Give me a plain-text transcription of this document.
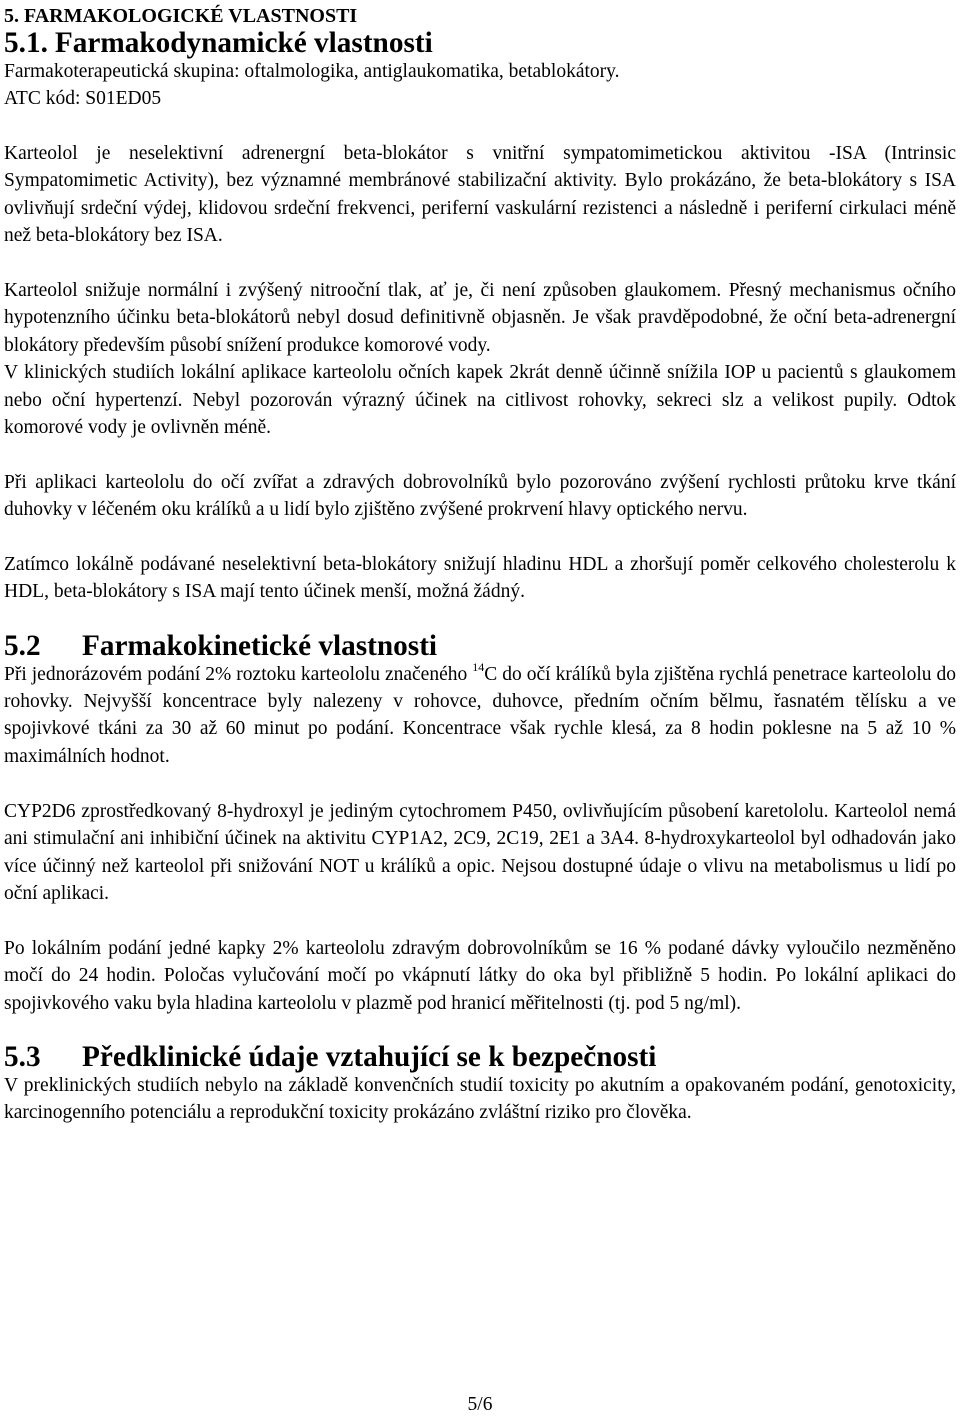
5. FARMAKOLOGICKÉ VLASTNOSTI
5.1. Farmakodynamické vlastnosti

Farmakoterapeutická skupina: oftalmologika, antiglaukomatika, betablokátory.

ATC kód: S01ED05

Karteolol je neselektivní adrenergní beta-blokátor s vnitřní sympatomimetickou aktivitou -ISA (Intrinsic Sympatomimetic Activity), bez významné membránové stabilizační aktivity. Bylo prokázáno, že beta-blokátory s ISA ovlivňují srdeční výdej, klidovou srdeční frekvenci, periferní vaskulární rezistenci a následně i periferní cirkulaci méně než beta-blokátory bez ISA.

Karteolol snižuje normální i zvýšený nitrooční tlak, ať je, či není způsoben glaukomem. Přesný mechanismus očního hypotenzního účinku beta-blokátorů nebyl dosud definitivně objasněn. Je však pravděpodobné, že oční beta-adrenergní blokátory především působí snížení produkce komorové vody.

V klinických studiích lokální aplikace karteololu očních kapek 2krát denně účinně snížila IOP u pacientů s glaukomem nebo oční hypertenzí. Nebyl pozorován výrazný účinek na citlivost rohovky, sekreci slz a velikost pupily. Odtok komorové vody je ovlivněn méně.

Při aplikaci karteololu do očí zvířat a zdravých dobrovolníků bylo pozorováno zvýšení rychlosti průtoku krve tkání duhovky v léčeném oku králíků a u lidí bylo zjištěno zvýšené prokrvení hlavy optického nervu.

Zatímco lokálně podávané neselektivní beta-blokátory snižují hladinu HDL a zhoršují poměr celkového cholesterolu k HDL, beta-blokátory s ISA mají tento účinek menší, možná žádný.

5.2 Farmakokinetické vlastnosti

Při jednorázovém podání 2% roztoku karteololu značeného $^{14}$C do očí králíků byla zjištěna rychlá penetrace karteololu do rohovky. Nejvyšší koncentrace byly nalezeny v rohovce, duhovce, předním očním bělmu, řasnatém tělísku a ve spojivkové tkáni za 30 až 60 minut po podání. Koncentrace však rychle klesá, za 8 hodin poklesne na 5 až 10 % maximálních hodnot.

CYP2D6 zprostředkovaný 8-hydroxyl je jediným cytochromem P450, ovlivňujícím působení karetololu. Karteolol nemá ani stimulační ani inhibiční účinek na aktivitu CYP1A2, 2C9, 2C19, 2E1 a 3A4. 8-hydroxykarteolol byl odhadován jako více účinný než karteolol při snižování NOT u králíků a opic. Nejsou dostupné údaje o vlivu na metabolismus u lidí po oční aplikaci.

Po lokálním podání jedné kapky 2% karteololu zdravým dobrovolníkům se 16 % podané dávky vyloučilo nezměněno močí do 24 hodin. Poločas vylučování močí po vkápnutí látky do oka byl přibližně 5 hodin. Po lokální aplikaci do spojivkového vaku byla hladina karteololu v plazmě pod hranicí měřitelnosti (tj. pod 5 ng/ml).

5.3 Předklinické údaje vztahující se k bezpečnosti

V preklinických studiích nebylo na základě konvenčních studií toxicity po akutním a opakovaném podání, genotoxicity, karcinogenního potenciálu a reprodukční toxicity prokázáno zvláštní riziko pro člověka.

5/6
